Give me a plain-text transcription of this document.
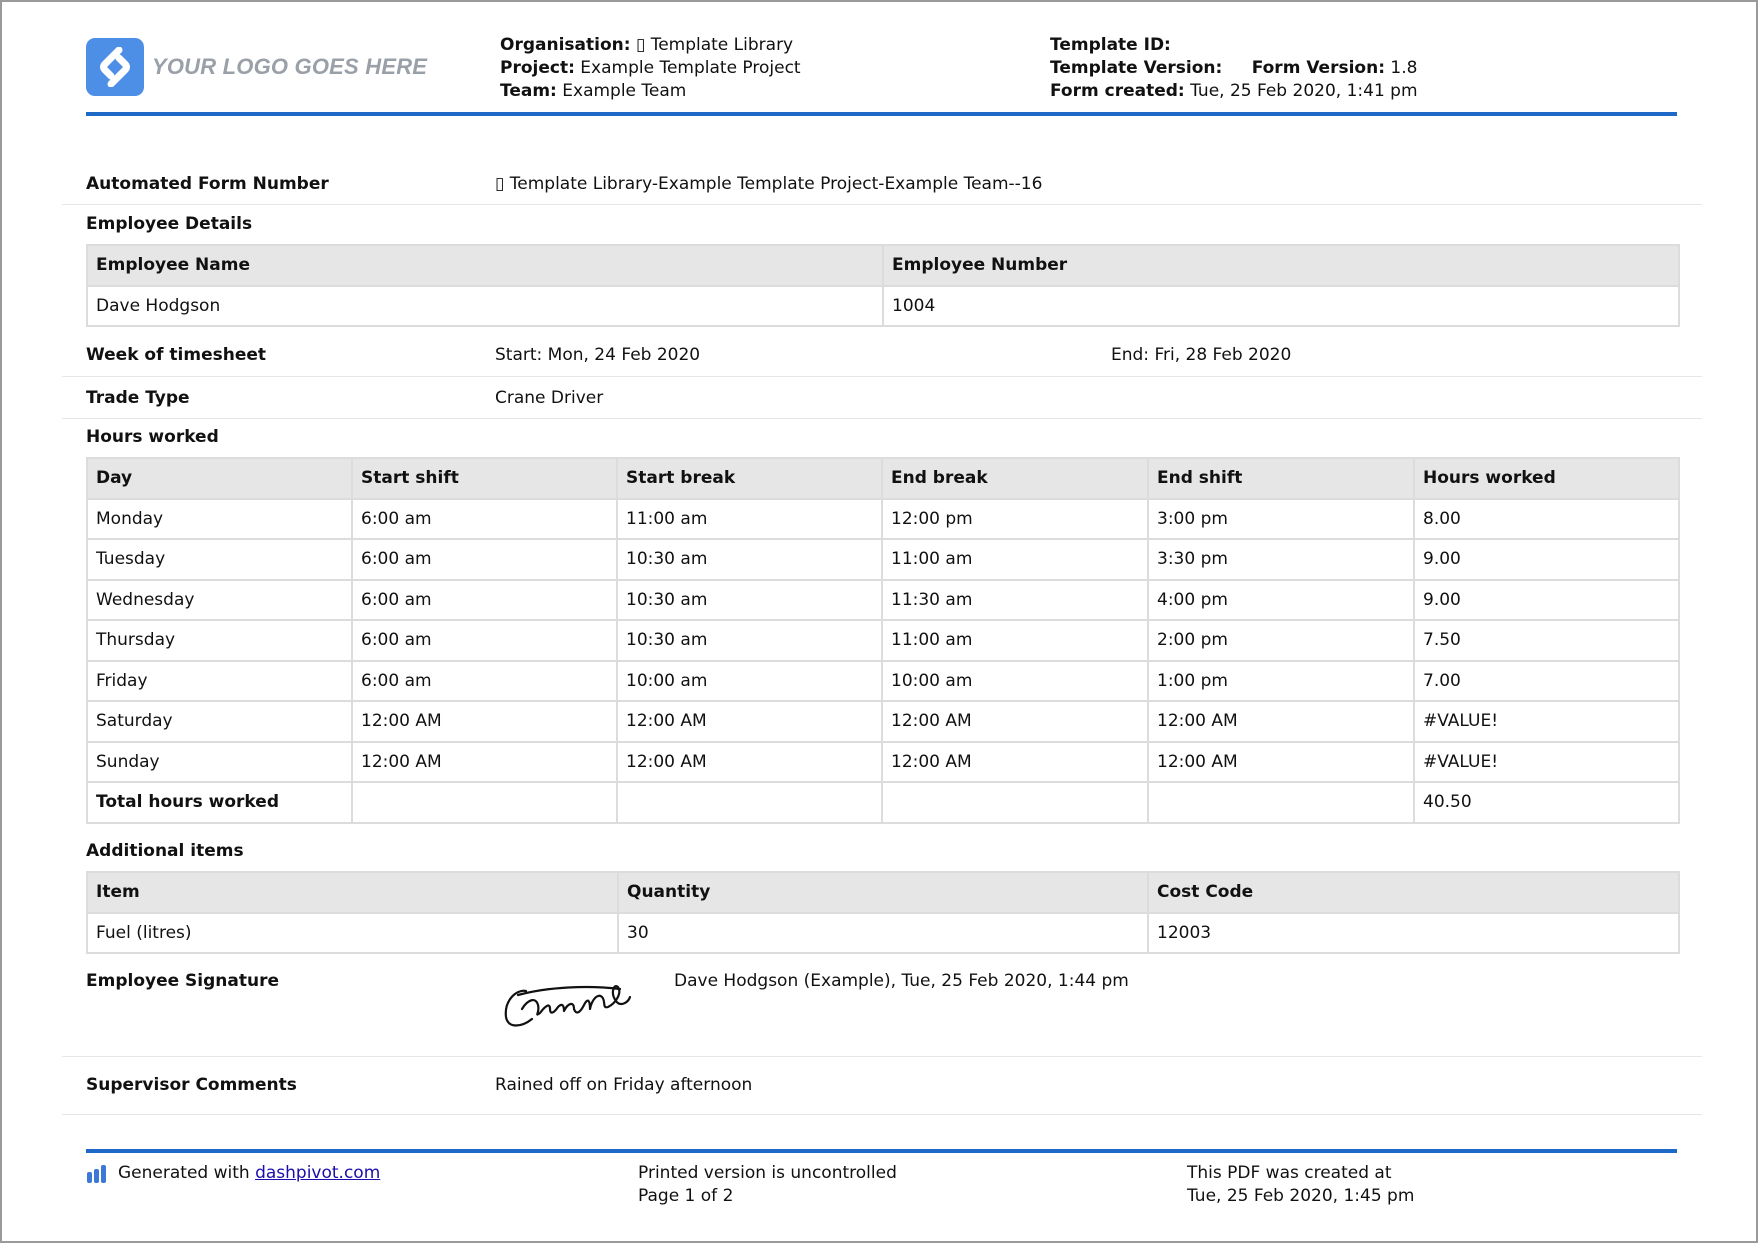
YOUR LOGO GOES HERE
Organisation: ▯ Template Library
Project: Example Template Project
Team: Example Team
Template ID:
Template Version: Form Version: 1.8
Form created: Tue, 25 Feb 2020, 1:41 pm
Automated Form Number	▯ Template Library-Example Template Project-Example Team--16
Employee Details
Employee Name	Employee Number
Dave Hodgson	1004
Week of timesheet	Start: Mon, 24 Feb 2020	End: Fri, 28 Feb 2020
Trade Type	Crane Driver
Hours worked
Day	Start shift	Start break	End break	End shift	Hours worked
Monday	6:00 am	11:00 am	12:00 pm	3:00 pm	8.00
Tuesday	6:00 am	10:30 am	11:00 am	3:30 pm	9.00
Wednesday	6:00 am	10:30 am	11:30 am	4:00 pm	9.00
Thursday	6:00 am	10:30 am	11:00 am	2:00 pm	7.50
Friday	6:00 am	10:00 am	10:00 am	1:00 pm	7.00
Saturday	12:00 AM	12:00 AM	12:00 AM	12:00 AM	#VALUE!
Sunday	12:00 AM	12:00 AM	12:00 AM	12:00 AM	#VALUE!
Total hours worked					40.50
Additional items
Item	Quantity	Cost Code
Fuel (litres)	30	12003
Employee Signature	Dave Hodgson (Example), Tue, 25 Feb 2020, 1:44 pm
Supervisor Comments	Rained off on Friday afternoon
Generated with
dashpivot.com	Printed version is uncontrolled
Page 1 of 2
This PDF was created at
Tue, 25 Feb 2020, 1:45 pm
